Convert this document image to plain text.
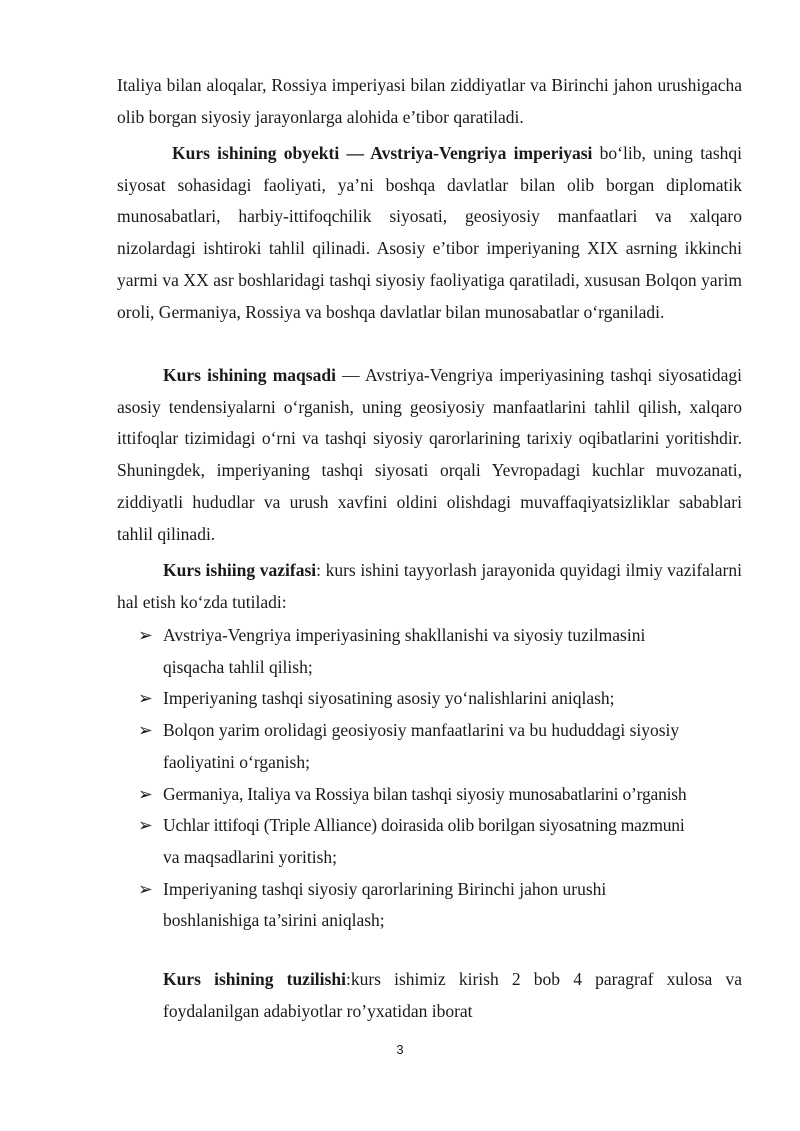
Italiya bilan aloqalar, Rossiya imperiyasi bilan ziddiyatlar va Birinchi jahon urushigacha olib borgan siyosiy jarayonlarga alohida e’tibor qaratiladi.

Kurs ishining obyekti — Avstriya-Vengriya imperiyasi bo‘lib, uning tashqi siyosat sohasidagi faoliyati, ya’ni boshqa davlatlar bilan olib borgan diplomatik munosabatlari, harbiy-ittifoqchilik siyosati, geosiyosiy manfaatlari va xalqaro nizolardagi ishtiroki tahlil qilinadi. Asosiy e’tibor imperiyaning XIX asrning ikkinchi yarmi va XX asr boshlaridagi tashqi siyosiy faoliyatiga qaratiladi, xususan Bolqon yarim oroli, Germaniya, Rossiya va boshqa davlatlar bilan munosabatlar o‘rganiladi.

Kurs ishining maqsadi — Avstriya-Vengriya imperiyasining tashqi siyosatidagi asosiy tendensiyalarni o‘rganish, uning geosiyosiy manfaatlarini tahlil qilish, xalqaro ittifoqlar tizimidagi o‘rni va tashqi siyosiy qarorlarining tarixiy oqibatlarini yoritishdir. Shuningdek, imperiyaning tashqi siyosati orqali Yevropadagi kuchlar muvozanati, ziddiyatli hududlar va urush xavfini oldini olishdagi muvaffaqiyatsizliklar sabablari tahlil qilinadi.

Kurs ishiing vazifasi: kurs ishini tayyorlash jarayonida quyidagi ilmiy vazifalarni hal etish ko‘zda tutiladi:

➢ Avstriya-Vengriya imperiyasining shakllanishi va siyosiy tuzilmasini
qisqacha tahlil qilish;
➢ Imperiyaning tashqi siyosatining asosiy yo‘nalishlarini aniqlash;
➢ Bolqon yarim orolidagi geosiyosiy manfaatlarini va bu hududdagi siyosiy
faoliyatini o‘rganish;
➢ Germaniya, Italiya va Rossiya bilan tashqi siyosiy munosabatlarini o’rganish
➢ Uchlar ittifoqi (Triple Alliance) doirasida olib borilgan siyosatning mazmuni
va maqsadlarini yoritish;
➢ Imperiyaning tashqi siyosiy qarorlarining Birinchi jahon urushi
boshlanishiga ta’sirini aniqlash;

Kurs ishining tuzilishi:kurs ishimiz kirish 2 bob 4 paragraf xulosa va foydalanilgan adabiyotlar ro’yxatidan iborat

3
